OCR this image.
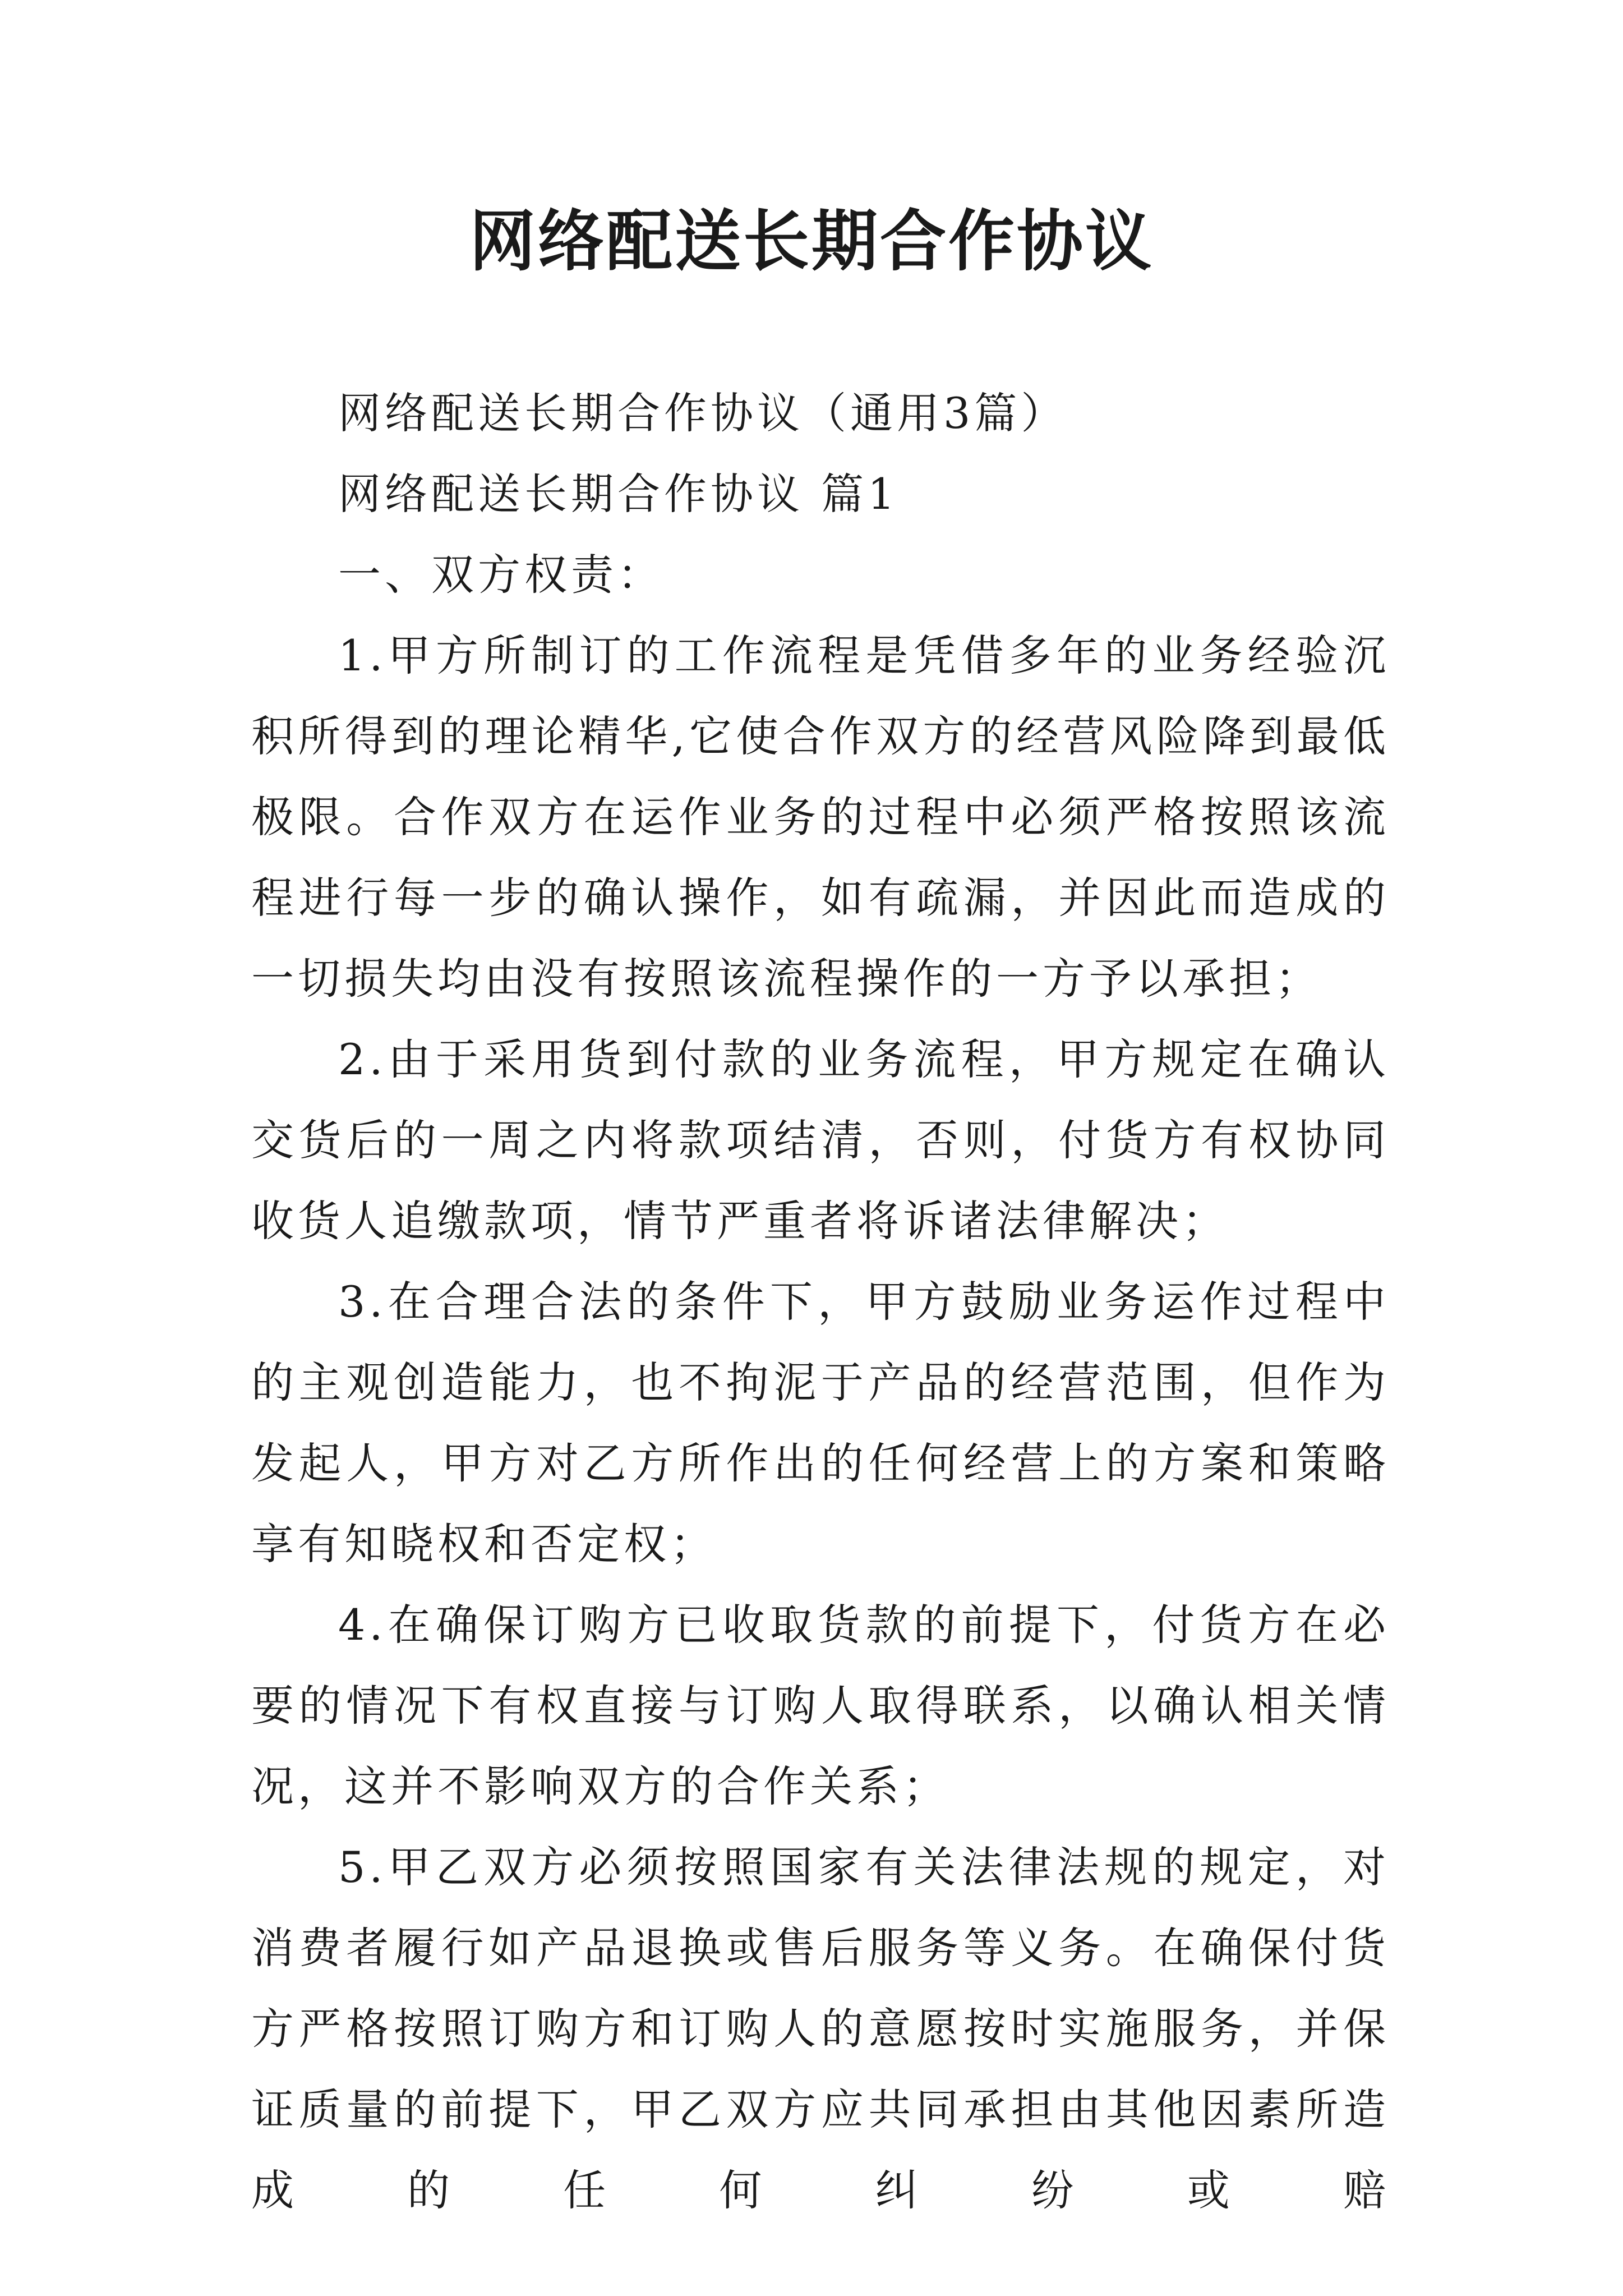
网络配送长期合作协议

网络配送长期合作协议（通用3篇）

网络配送长期合作协议 篇1

一、双方权责：

1.甲方所制订的工作流程是凭借多年的业务经验沉积所得到的理论精华,它使合作双方的经营风险降到最低极限。合作双方在运作业务的过程中必须严格按照该流程进行每一步的确认操作，如有疏漏，并因此而造成的一切损失均由没有按照该流程操作的一方予以承担；

2.由于采用货到付款的业务流程，甲方规定在确认交货后的一周之内将款项结清，否则，付货方有权协同收货人追缴款项，情节严重者将诉诸法律解决；

3.在合理合法的条件下，甲方鼓励业务运作过程中的主观创造能力，也不拘泥于产品的经营范围，但作为发起人，甲方对乙方所作出的任何经营上的方案和策略享有知晓权和否定权；

4.在确保订购方已收取货款的前提下，付货方在必要的情况下有权直接与订购人取得联系，以确认相关情况，这并不影响双方的合作关系；

5.甲乙双方必须按照国家有关法律法规的规定，对消费者履行如产品退换或售后服务等义务。在确保付货方严格按照订购方和订购人的意愿按时实施服务，并保证质量的前提下，甲乙双方应共同承担由其他因素所造成的任何纠纷或赔
